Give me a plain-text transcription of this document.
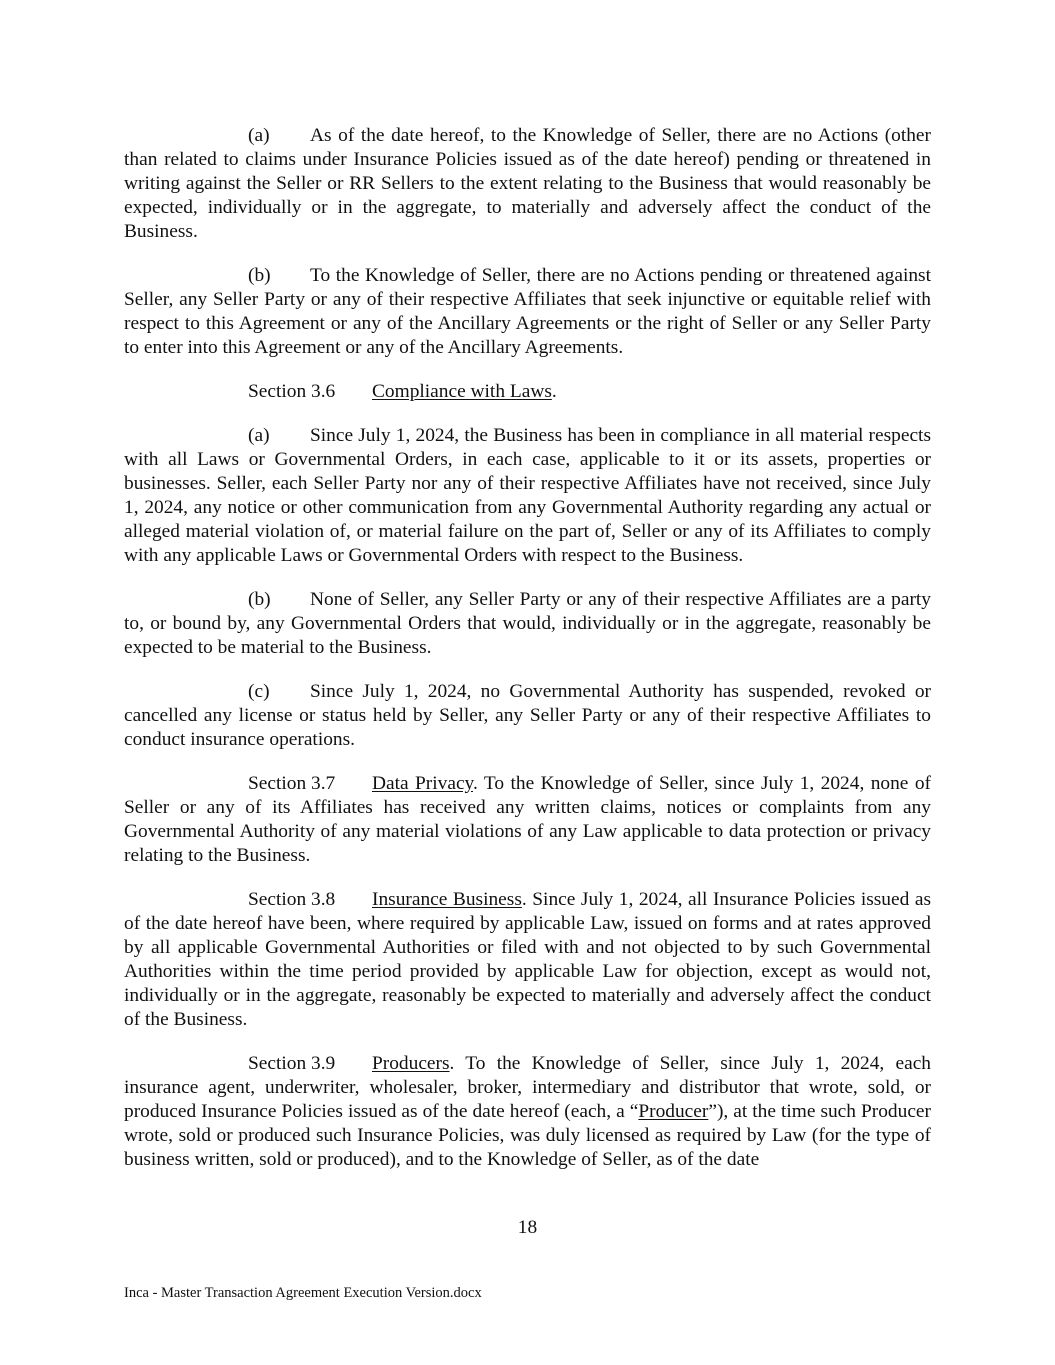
(a) As of the date hereof, to the Knowledge of Seller, there are no Actions (other than related to claims under Insurance Policies issued as of the date hereof) pending or threatened in writing against the Seller or RR Sellers to the extent relating to the Business that would reasonably be expected, individually or in the aggregate, to materially and adversely affect the conduct of the Business.

(b) To the Knowledge of Seller, there are no Actions pending or threatened against Seller, any Seller Party or any of their respective Affiliates that seek injunctive or equitable relief with respect to this Agreement or any of the Ancillary Agreements or the right of Seller or any Seller Party to enter into this Agreement or any of the Ancillary Agreements.

Section 3.6 Compliance with Laws.

(a) Since July 1, 2024, the Business has been in compliance in all material respects with all Laws or Governmental Orders, in each case, applicable to it or its assets, properties or businesses. Seller, each Seller Party nor any of their respective Affiliates have not received, since July 1, 2024, any notice or other communication from any Governmental Authority regarding any actual or alleged material violation of, or material failure on the part of, Seller or any of its Affiliates to comply with any applicable Laws or Governmental Orders with respect to the Business.

(b) None of Seller, any Seller Party or any of their respective Affiliates are a party to, or bound by, any Governmental Orders that would, individually or in the aggregate, reasonably be expected to be material to the Business.

(c) Since July 1, 2024, no Governmental Authority has suspended, revoked or cancelled any license or status held by Seller, any Seller Party or any of their respective Affiliates to conduct insurance operations.

Section 3.7 Data Privacy. To the Knowledge of Seller, since July 1, 2024, none of Seller or any of its Affiliates has received any written claims, notices or complaints from any Governmental Authority of any material violations of any Law applicable to data protection or privacy relating to the Business.

Section 3.8 Insurance Business. Since July 1, 2024, all Insurance Policies issued as of the date hereof have been, where required by applicable Law, issued on forms and at rates approved by all applicable Governmental Authorities or filed with and not objected to by such Governmental Authorities within the time period provided by applicable Law for objection, except as would not, individually or in the aggregate, reasonably be expected to materially and adversely affect the conduct of the Business.

Section 3.9 Producers. To the Knowledge of Seller, since July 1, 2024, each insurance agent, underwriter, wholesaler, broker, intermediary and distributor that wrote, sold, or produced Insurance Policies issued as of the date hereof (each, a “Producer”), at the time such Producer wrote, sold or produced such Insurance Policies, was duly licensed as required by Law (for the type of business written, sold or produced), and to the Knowledge of Seller, as of the date

18
Inca - Master Transaction Agreement Execution Version.docx
